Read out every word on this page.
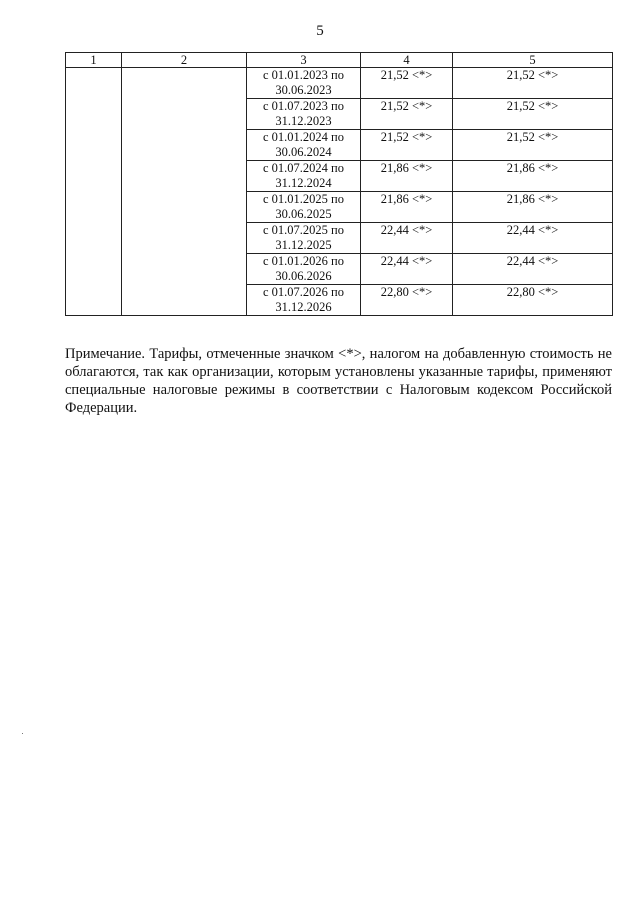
5
1	2	3	4	5

		с 01.01.2023 по
30.06.2023	21,52 <*>	21,52 <*>

		с 01.07.2023 по
31.12.2023	21,52 <*>	21,52 <*>

		с 01.01.2024 по
30.06.2024	21,52 <*>	21,52 <*>

		с 01.07.2024 по
31.12.2024	21,86 <*>	21,86 <*>

		с 01.01.2025 по
30.06.2025	21,86 <*>	21,86 <*>

		с 01.07.2025 по
31.12.2025	22,44 <*>	22,44 <*>

		с 01.01.2026 по
30.06.2026	22,44 <*>	22,44 <*>

		с 01.07.2026 по
31.12.2026	22,80 <*>	22,80 <*>

Примечание. Тарифы, отмеченные значком <*>, налогом на добавленную стоимость не облагаются, так как организации, которым установлены указанные тарифы, применяют специальные налоговые режимы в соответствии с Налоговым кодексом Российской Федерации.
